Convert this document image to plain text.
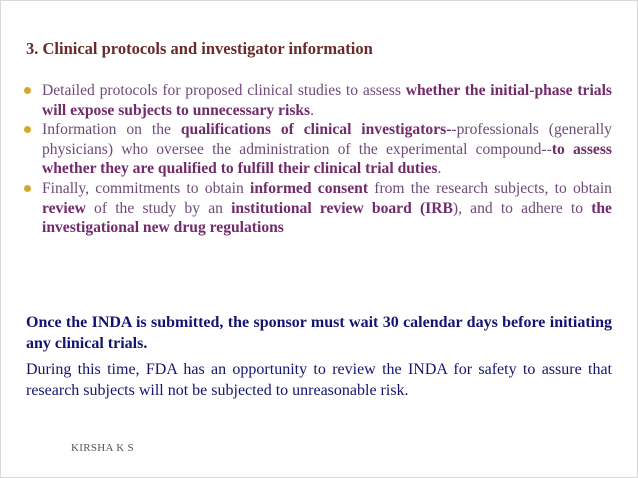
3. Clinical protocols and investigator information
Detailed protocols for proposed clinical studies to assess whether the initial-phase trials will expose subjects to unnecessary risks.
Information on the qualifications of clinical investigators--professionals (generally physicians) who oversee the administration of the experimental compound--to assess whether they are qualified to fulfill their clinical trial duties.
Finally, commitments to obtain informed consent from the research subjects, to obtain review of the study by an institutional review board (IRB), and to adhere to the investigational new drug regulations
Once the INDA is submitted, the sponsor must wait 30 calendar days before initiating any clinical trials.
During this time, FDA has an opportunity to review the INDA for safety to assure that research subjects will not be subjected to unreasonable risk.
KIRSHA K S
